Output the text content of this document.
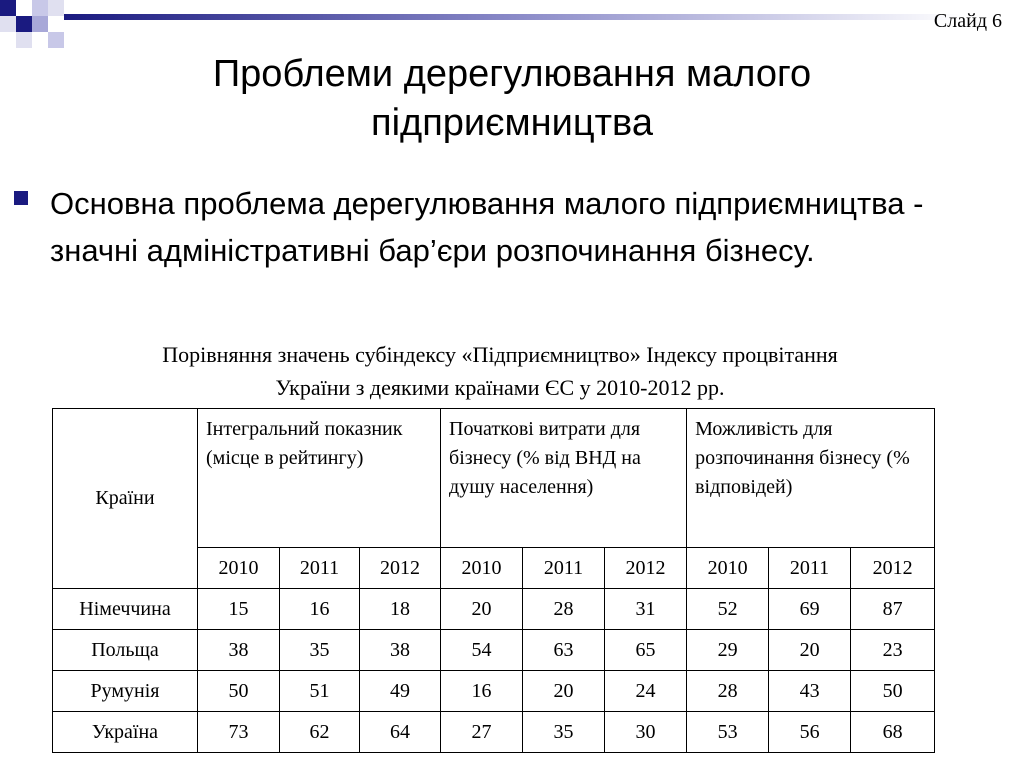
Слайд 6
Проблеми дерегулювання малого підприємництва
Основна проблема дерегулювання малого підприємництва - значні адміністративні бар’єри розпочинання бізнесу.
Порівняння значень субіндексу «Підприємництво» Індексу процвітання
України з деякими країнами ЄС у 2010-2012 рр.
Країни	Інтегральний показник (місце в рейтингу)			Початкові витрати для бізнесу (% від ВНД на душу населення)			Можливість для розпочинання бізнесу (% відповідей)		
	2010	2011	2012	2010	2011	2012	2010	2011	2012
Німеччина	15	16	18	20	28	31	52	69	87
Польща	38	35	38	54	63	65	29	20	23
Румунія	50	51	49	16	20	24	28	43	50
Україна	73	62	64	27	35	30	53	56	68
